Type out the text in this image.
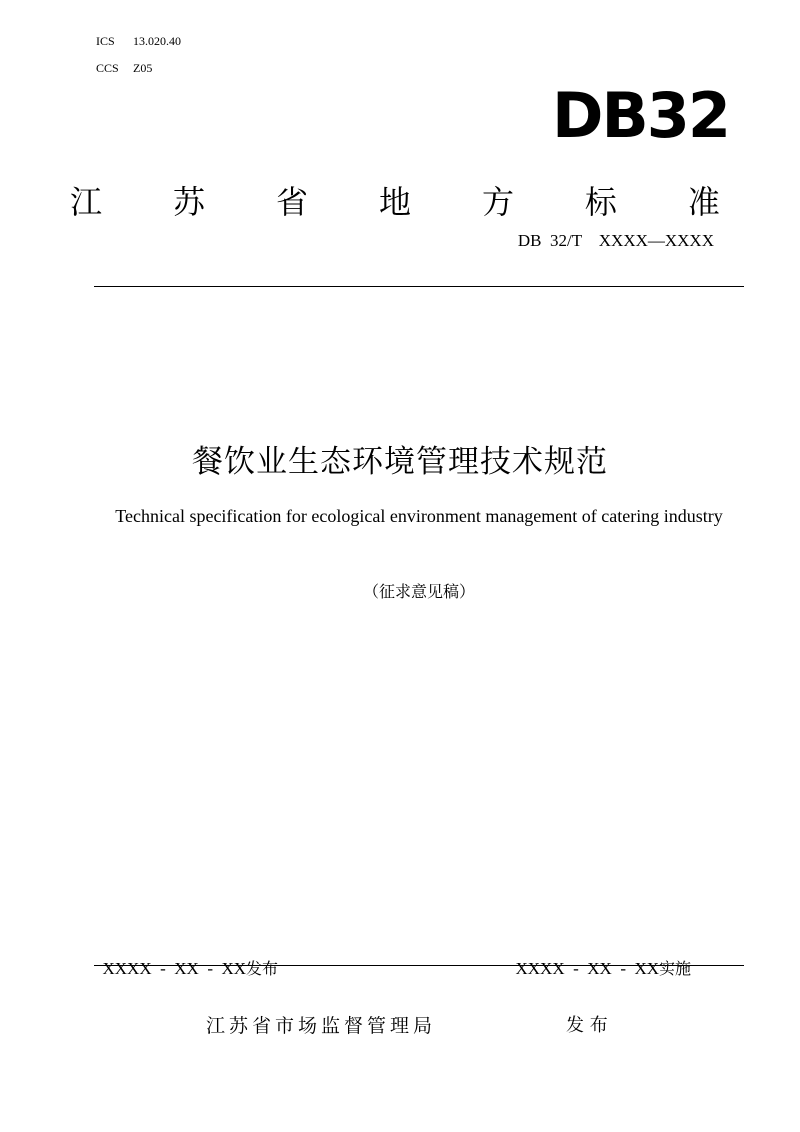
ICS 13.020.40
CCS Z05
DB32
江 苏 省 地 方 标 准
DB  32/T    XXXX—XXXX
餐饮业生态环境管理技术规范
Technical specification for ecological environment management of catering industry
（征求意见稿）

XXXX  -  XX  -  XX发布	XXXX  -  XX  -  XX实施

江苏省市场监督管理局	发 布
